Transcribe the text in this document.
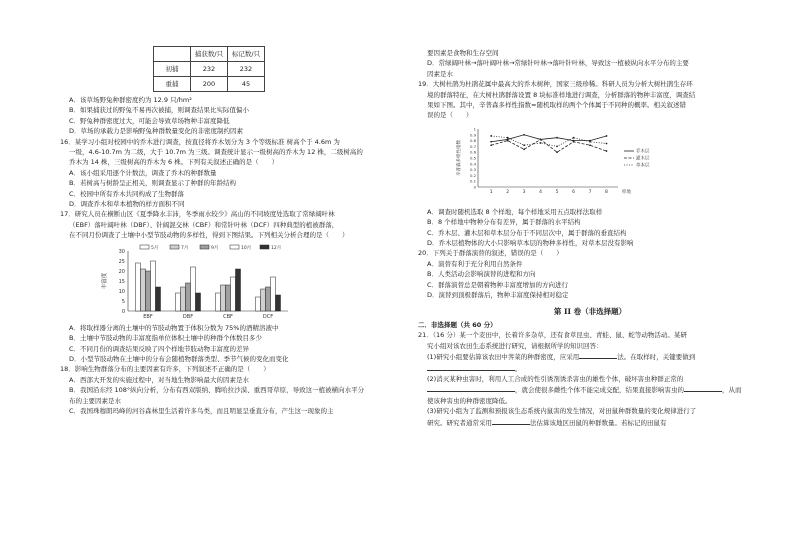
	捕获数/只	标记数/只
初捕	232	232
重捕	200	45

A．该草场野兔种群密度约为 12.9 只/hm²

B．如果捕获过的野兔不易再次被捕，则调查结果比实际值偏小

C．野兔种群密度过大，可能会导致草场物种丰富度降低

D．草场的承载力是影响野兔种群数量变化的非密度制约因素

16．某学习小组对校园中的乔木进行调查，按直径将乔木划分为 3 个等级标准 树高个于 4.6m 为

一级，4.6-10.7m 为二级，大于 10.7m 为三级。调查统计显示一级树高的乔木为 12 株，二级树高的

乔木为 14 株，三级树高的乔木为 6 株。下列有关叙述正确的是（　　）

A．该小组采用逐个计数法，调查了乔木的种群数量

B．若树高与树龄呈正相关，则调查显示了种群的年龄结构

C．校园中所有乔木共同构成了生物群落

D．调查乔木和草本植物的样方面积不同

17．研究人员在横断山区《夏季降水丰沛，冬季雨水较少》高山的不同坡度处选取了常绿阔叶林

（EBF）落叶阔叶林（DBF）、针阔混交林（CBF）和常针叶林（DCF）四种典型的植被群落，

在不同月份调查了土壤中小型节肢动物的多样性，得到下图结果。下列相关分析合理的是（　　）

0
5
10
15
20
25
30
丰富度
EBF	DBF	CBF	DCF
5月	7月	9月	10月	12月

A．将取样器分离的土壤中的节肢动物置于体积分数为 75%的酒精溶液中

B．土壤中节肢动物的丰富度指单位体积土壤中的种群个体数目多少

C．不同月份的调查结果反映了四个样地节肢动物丰富度的差异

D．小型节肢动物在土壤中的分布会随植物群落类型、季节气候的变化而变化

18．影响生物群落分布的主要因素有许多，下列叙述不正确的是（　　）

A．西部大开发的实施过程中，对当地生物影响最大的因素是水

B．我国沿东经 108°纵向分析，分布有西双版纳、腾哈拉沙漠、重西哥草原，导致这一植被横向水平分

布的主要因素是水

C．我国珠穆朗玛峰的河谷森林里生活着许多鸟类，而且明显呈垂直分布，产生这一现象的主

要因素是食物和生存空间

D．常绿阔叶林→落叶阔叶林→常绿针叶林→落叶针叶林，导致这一植被纵向水平分布的主要

因素是水

19．大树杜鹃为杜鹃花属中最高大的乔木树种，国家三级珍稀。科研人员为分析大树杜鹃生存环

境的群落特征，在大树杜鹃群落设置 8 块标准样地进行调查，分析群落的物种丰富度，调查结

果如下图。其中，辛普森多样性指数=随机取样的两个个体属于不同种的概率。相关叙述错

误的是（　　）

0
0.1
0.2
0.3
0.4
0.5
0.6
0.7
0.8
0.9
1
辛普森多样性指数
1	2	3	4	5	6	7	8	样地
乔木层
灌木层
草本层

A．调查时随机选取 8 个样地，每个样地采用五点取样法取样

B．8 个样地中物种分布有差异，属于群落的水平结构

C．乔木层、灌木层和草本层分布于不同层次中，属于群落的垂直结构

D．乔木层植物体的大小只影响草本层的物种多样性，对草本层没有影响

20．下列关于群落演替的叙述，错误的是（　　）

A．演替有利于充分利用自然条件

B．人类活动会影响演替的进程和方向

C．群落演替总是朝着物种丰富度增加的方向进行

D．演替到顶极群落后，物种丰富度保持相对稳定

第 II 卷（非选择题）

二．非选择题（共 60 分）

21．（16 分）某一个麦田中，长着许多杂草，还有食草昆虫、青蛙、鼠、蛇等动物活动。某研

究小组对该农田生态系统进行研究，请根据所学的知识回答：

(1)研究小组要估算该农田中荠菜的种群密度，应采用	法。在取样时，关键要做到

。

(2)消灭某种虫害时，利用人工合成的性引诱剂诱杀害虫的雄性个体，破坏害虫种群正常的

，就会使很多雌性个体不能完成交配，结果直接影响害虫的	，从而

使该种害虫的种群密度降低。

(3)研究小组为了监测和预报该生态系统内鼠害的发生情况，对田鼠种群数量的变化规律进行了

研究。研究者通常采用	法估算该地区田鼠的种群数量。若标记的田鼠有
